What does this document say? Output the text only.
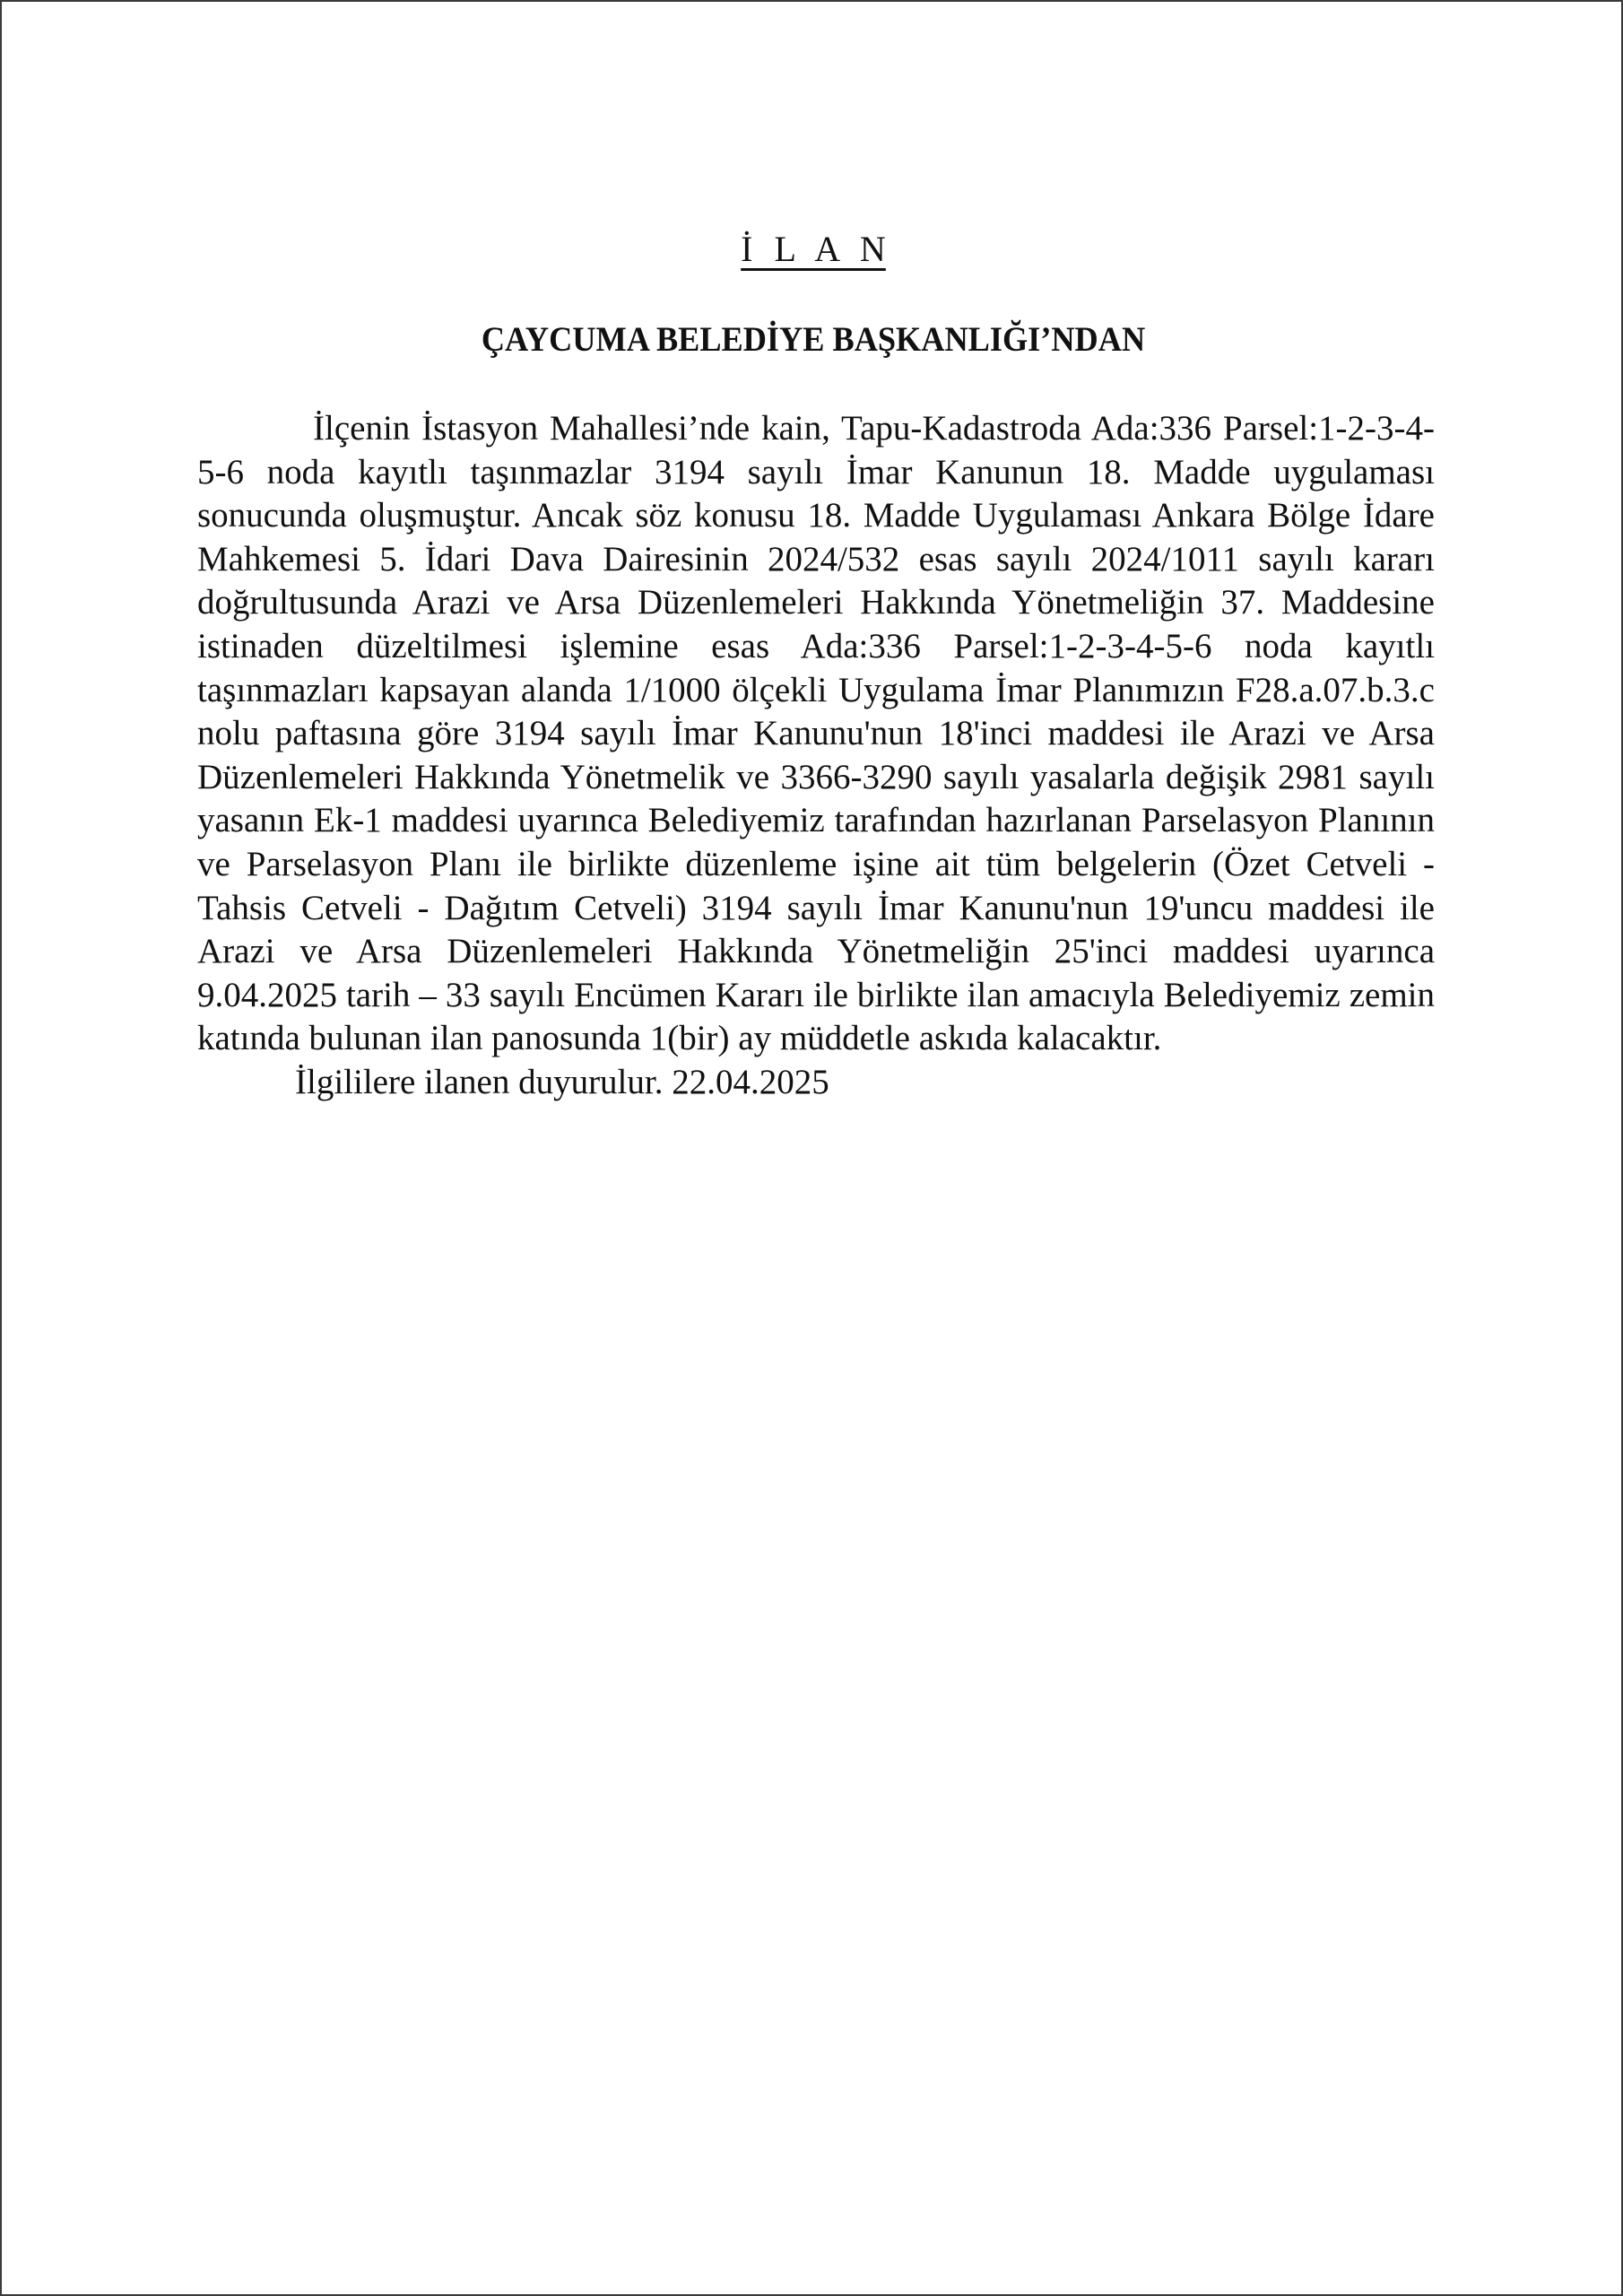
İ L A N
ÇAYCUMA BELEDİYE BAŞKANLIĞI’NDAN

İlçenin İstasyon Mahallesi’nde kain, Tapu-Kadastroda Ada:336 Parsel:1-2-3-4-5-6 noda kayıtlı taşınmazlar 3194 sayılı İmar Kanunun 18. Madde uygulaması sonucunda oluşmuştur. Ancak söz konusu 18. Madde Uygulaması Ankara Bölge İdare Mahkemesi 5. İdari Dava Dairesinin 2024/532 esas sayılı 2024/1011 sayılı kararı doğrultusunda Arazi ve Arsa Düzenlemeleri Hakkında Yönetmeliğin 37. Maddesine istinaden düzeltilmesi işlemine esas Ada:336 Parsel:1-2-3-4-5-6 noda kayıtlı taşınmazları kapsayan alanda 1/1000 ölçekli Uygulama İmar Planımızın F28.a.07.b.3.c nolu paftasına göre 3194 sayılı İmar Kanunu'nun 18'inci maddesi ile Arazi ve Arsa Düzenlemeleri Hakkında Yönetmelik ve 3366-3290 sayılı yasalarla değişik 2981 sayılı yasanın Ek-1 maddesi uyarınca Belediyemiz tarafından hazırlanan Parselasyon Planının ve Parselasyon Planı ile birlikte düzenleme işine ait tüm belgelerin (Özet Cetveli - Tahsis Cetveli - Dağıtım Cetveli) 3194 sayılı İmar Kanunu'nun 19'uncu maddesi ile Arazi ve Arsa Düzenlemeleri Hakkında Yönetmeliğin 25'inci maddesi uyarınca 9.04.2025 tarih – 33 sayılı Encümen Kararı ile birlikte ilan amacıyla Belediyemiz zemin katında bulunan ilan panosunda 1(bir) ay müddetle askıda kalacaktır.

İlgililere ilanen duyurulur. 22.04.2025
